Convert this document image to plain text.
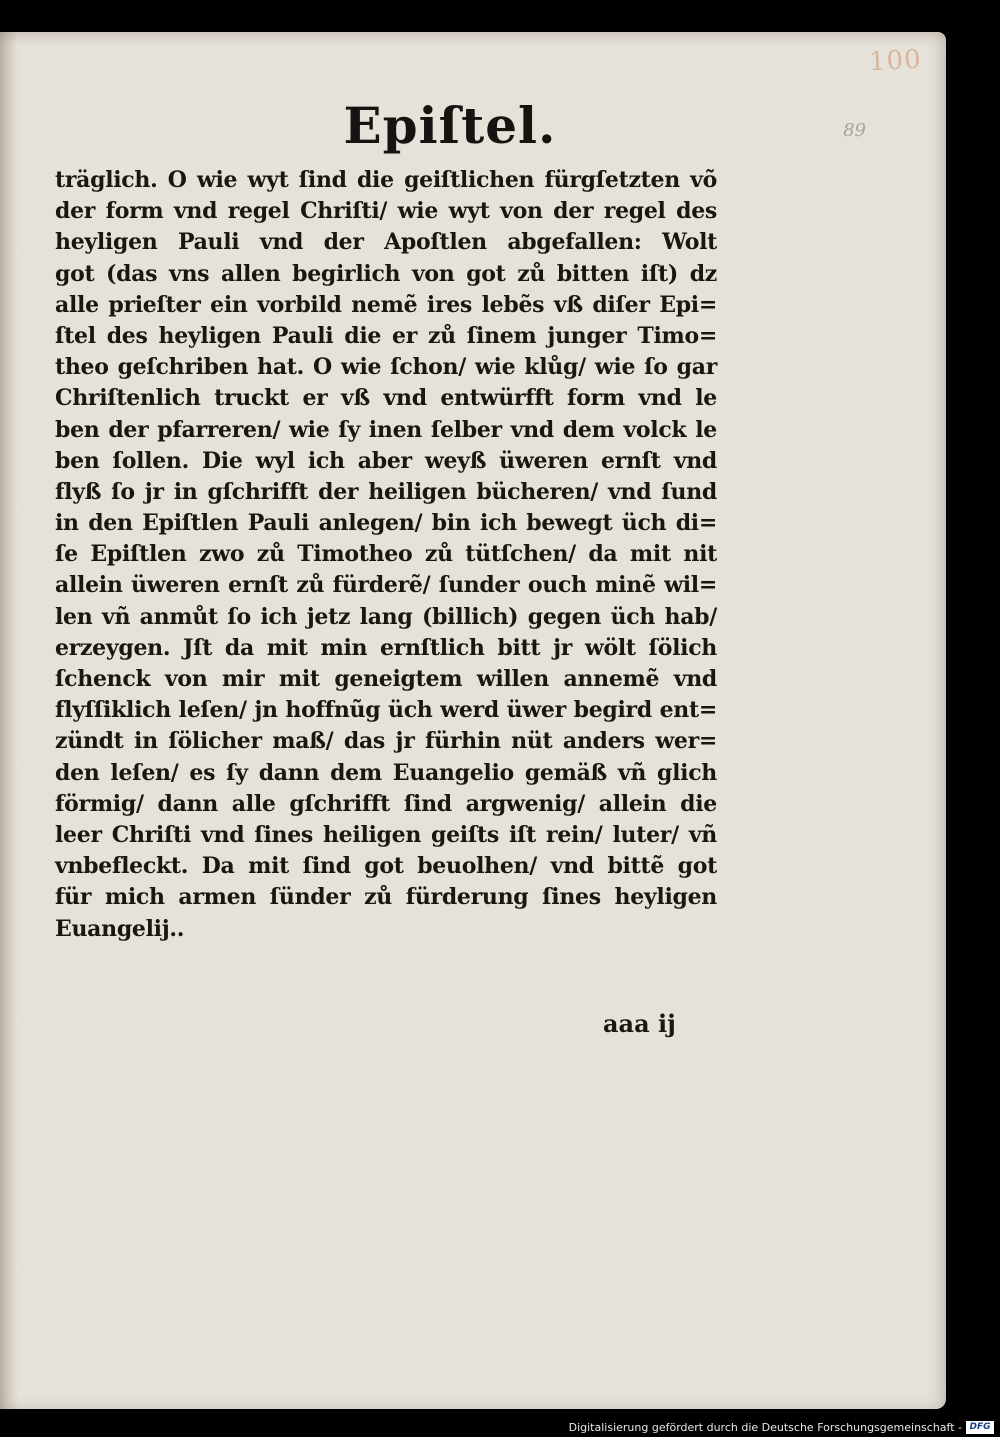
100
89
Epiſtel.
träglich. O wie wyt ſind die geiſtlichen fürgſetzten võ
der form vnd regel Chriſti/ wie wyt von der regel des
heyligen Pauli vnd der Apoſtlen abgefallen: Wolt
got (das vns allen begirlich von got zů bitten iſt) dz
alle prieſter ein vorbild nemẽ ires lebẽs vß diſer Epi=
ſtel des heyligen Pauli die er zů ſinem junger Timo=
theo geſchriben hat. O wie ſchon/ wie klůg/ wie ſo gar
Chriſtenlich truckt er vß vnd entwürfft form vnd le
ben der pfarreren/ wie ſy inen ſelber vnd dem volck le
ben ſollen. Die wyl ich aber weyß üweren ernſt vnd
flyß ſo jr in gſchrifft der heiligen bücheren/ vnd ſund
in den Epiſtlen Pauli anlegen/ bin ich bewegt üch di=
ſe Epiſtlen zwo zů Timotheo zů tütſchen/ da mit nit
allein üweren ernſt zů fürderẽ/ ſunder ouch minẽ wil=
len vñ anmůt ſo ich jetz lang (billich) gegen üch hab/
erzeygen. Jſt da mit min ernſtlich bitt jr wölt ſölich
ſchenck von mir mit geneigtem willen annemẽ vnd
flyſſiklich leſen/ jn hoffnũg üch werd üwer begird ent=
zündt in ſölicher maß/ das jr fürhin nüt anders wer=
den leſen/ es ſy dann dem Euangelio gemäß vñ glich
förmig/ dann alle gſchrifft ſind argwenig/ allein die
leer Chriſti vnd ſines heiligen geiſts iſt rein/ luter/ vñ
vnbefleckt. Da mit ſind got beuolhen/ vnd bittẽ got
für mich armen ſünder zů fürderung ſines heyligen
Euangelij..
aaa ij
Digitalisierung gefördert durch die Deutsche Forschungsgemeinschaft - DFG
